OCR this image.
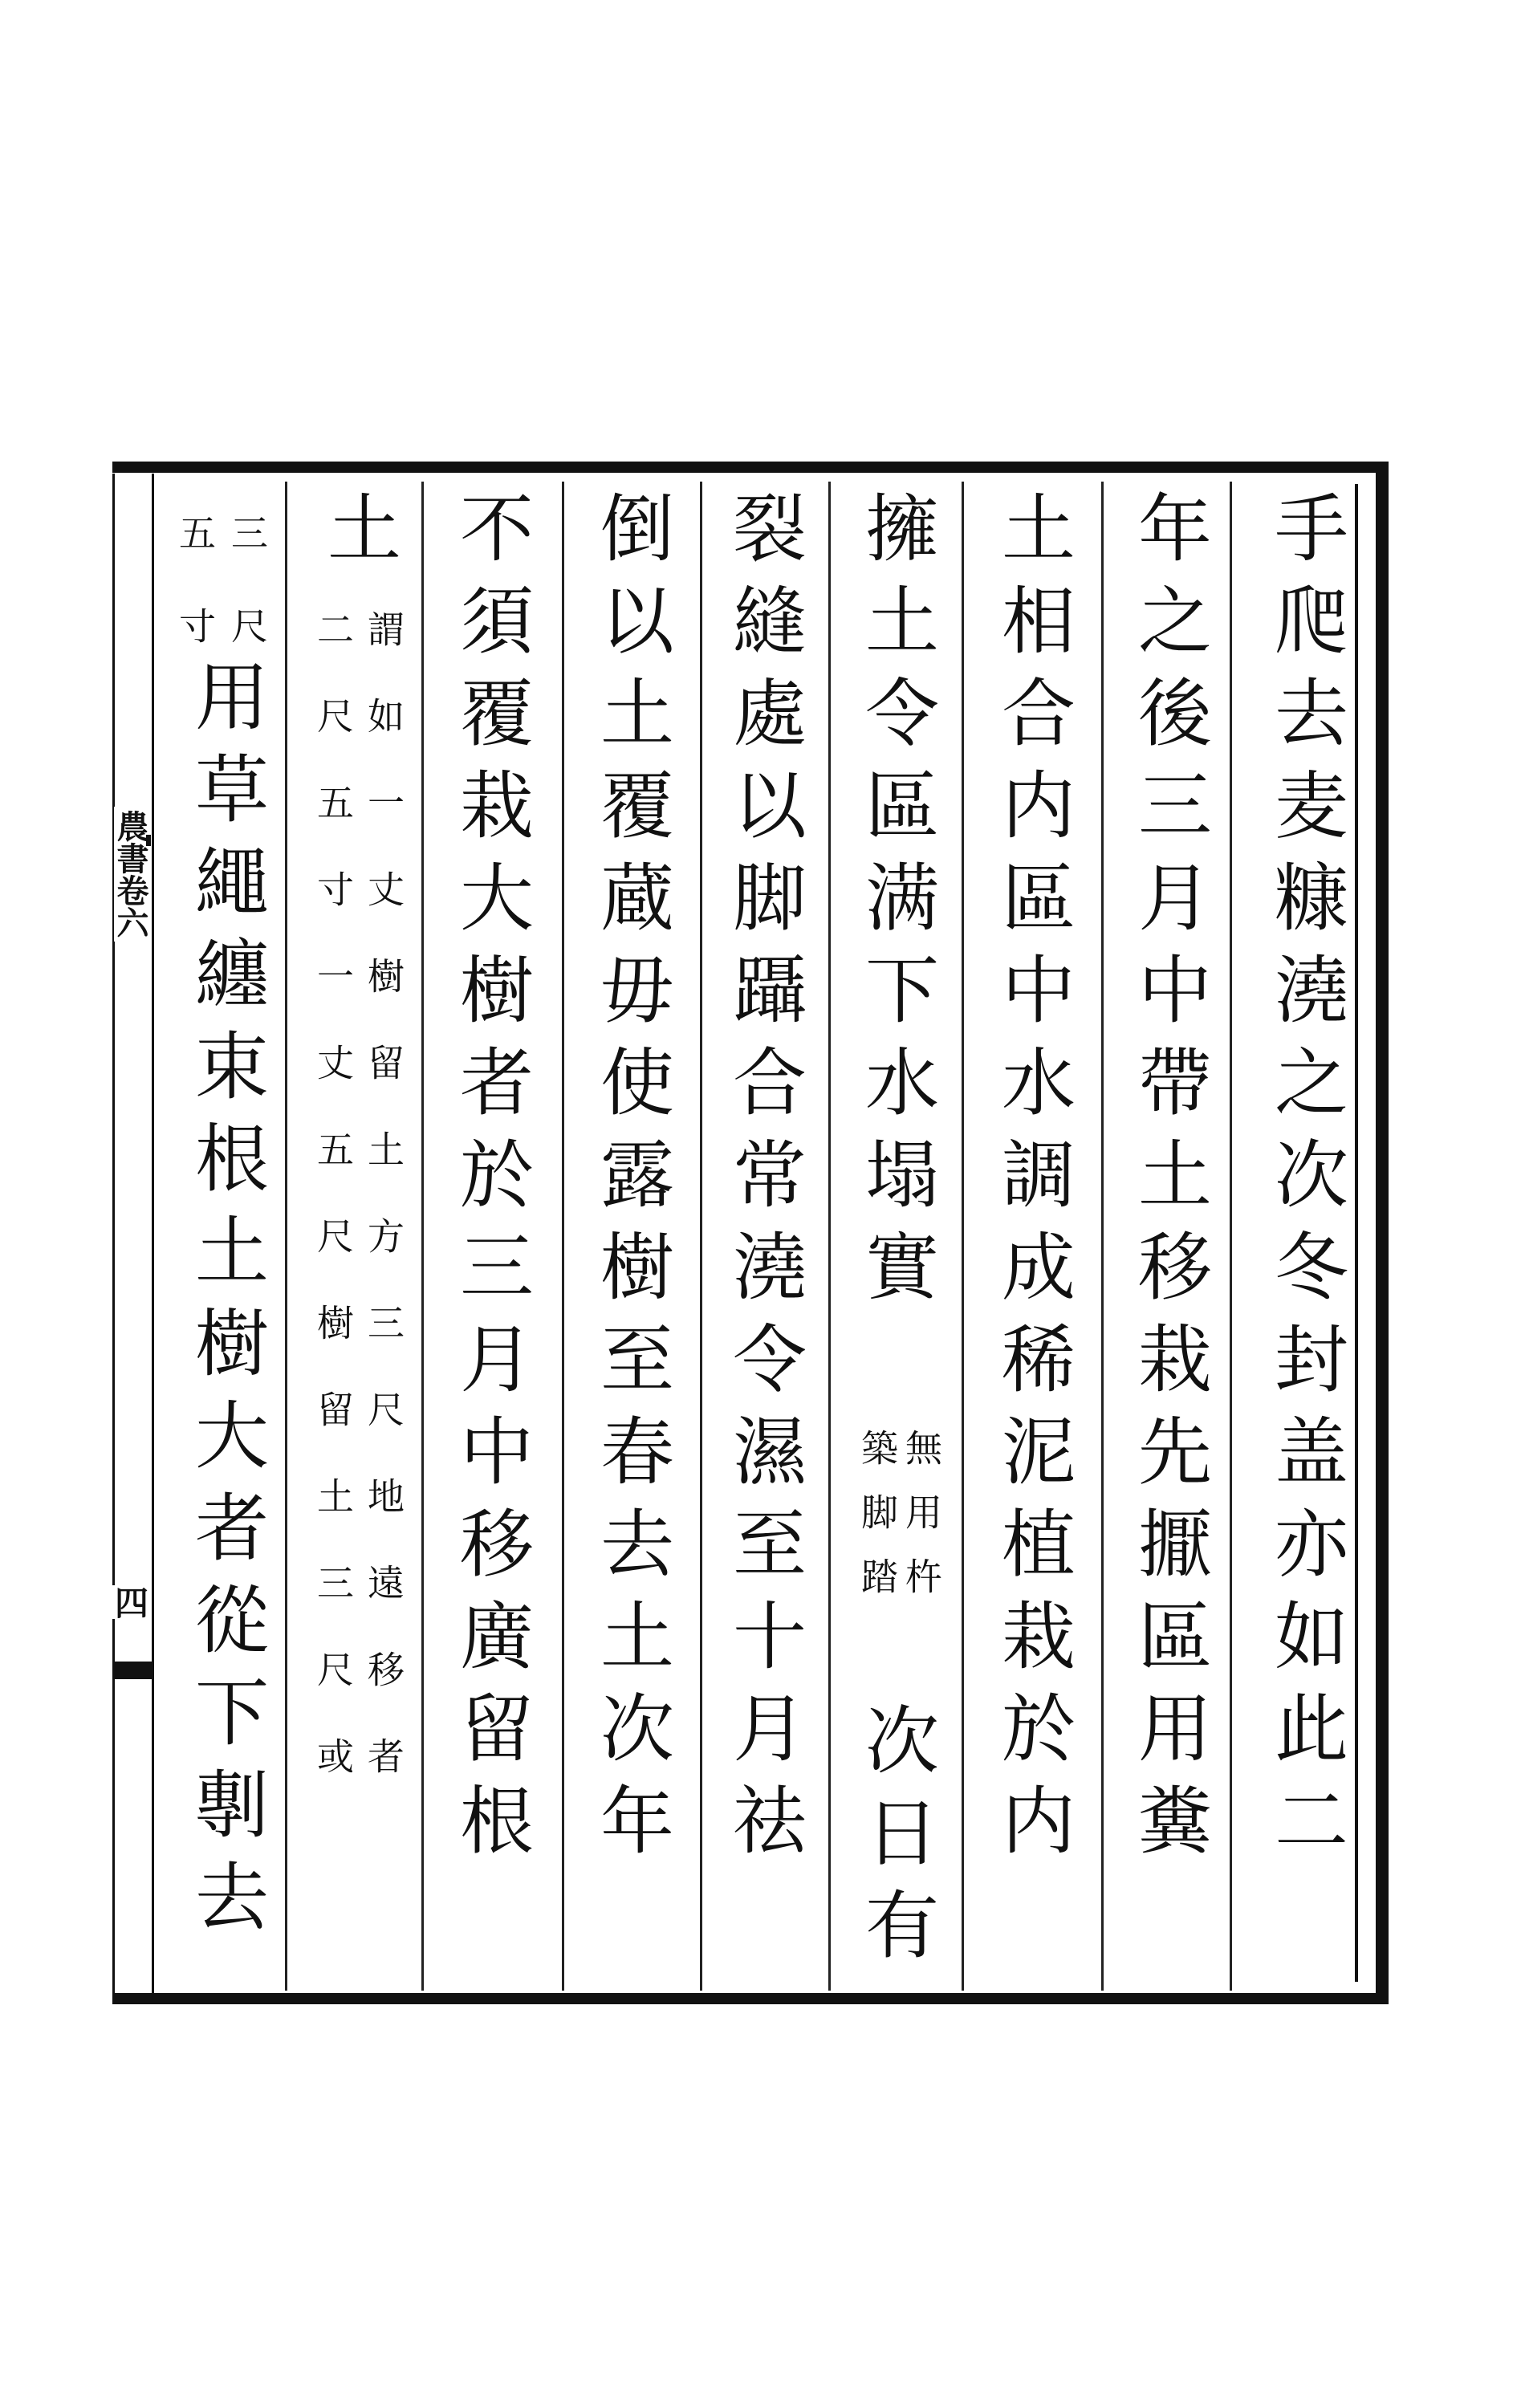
農書卷六
四	手爬去麦糠澆之次冬封盖亦如此二
年之後三月中帶土移栽先擫區用糞
土相合内區中水調成稀泥植栽於内
擁土令區满下水塌實
無用杵
築脚踏
次日有
裂縫處以脚躡合常澆令濕至十月祛
倒以土覆蔵毋使露樹至春去土次年
不須覆栽大樹者於三月中移廣留根
土
謂如一丈樹留土方三尺地遠移者
二尺五寸一丈五尺樹留土三尺或
三尺
五寸
用草繩纏束根土樹大者從下剸去
